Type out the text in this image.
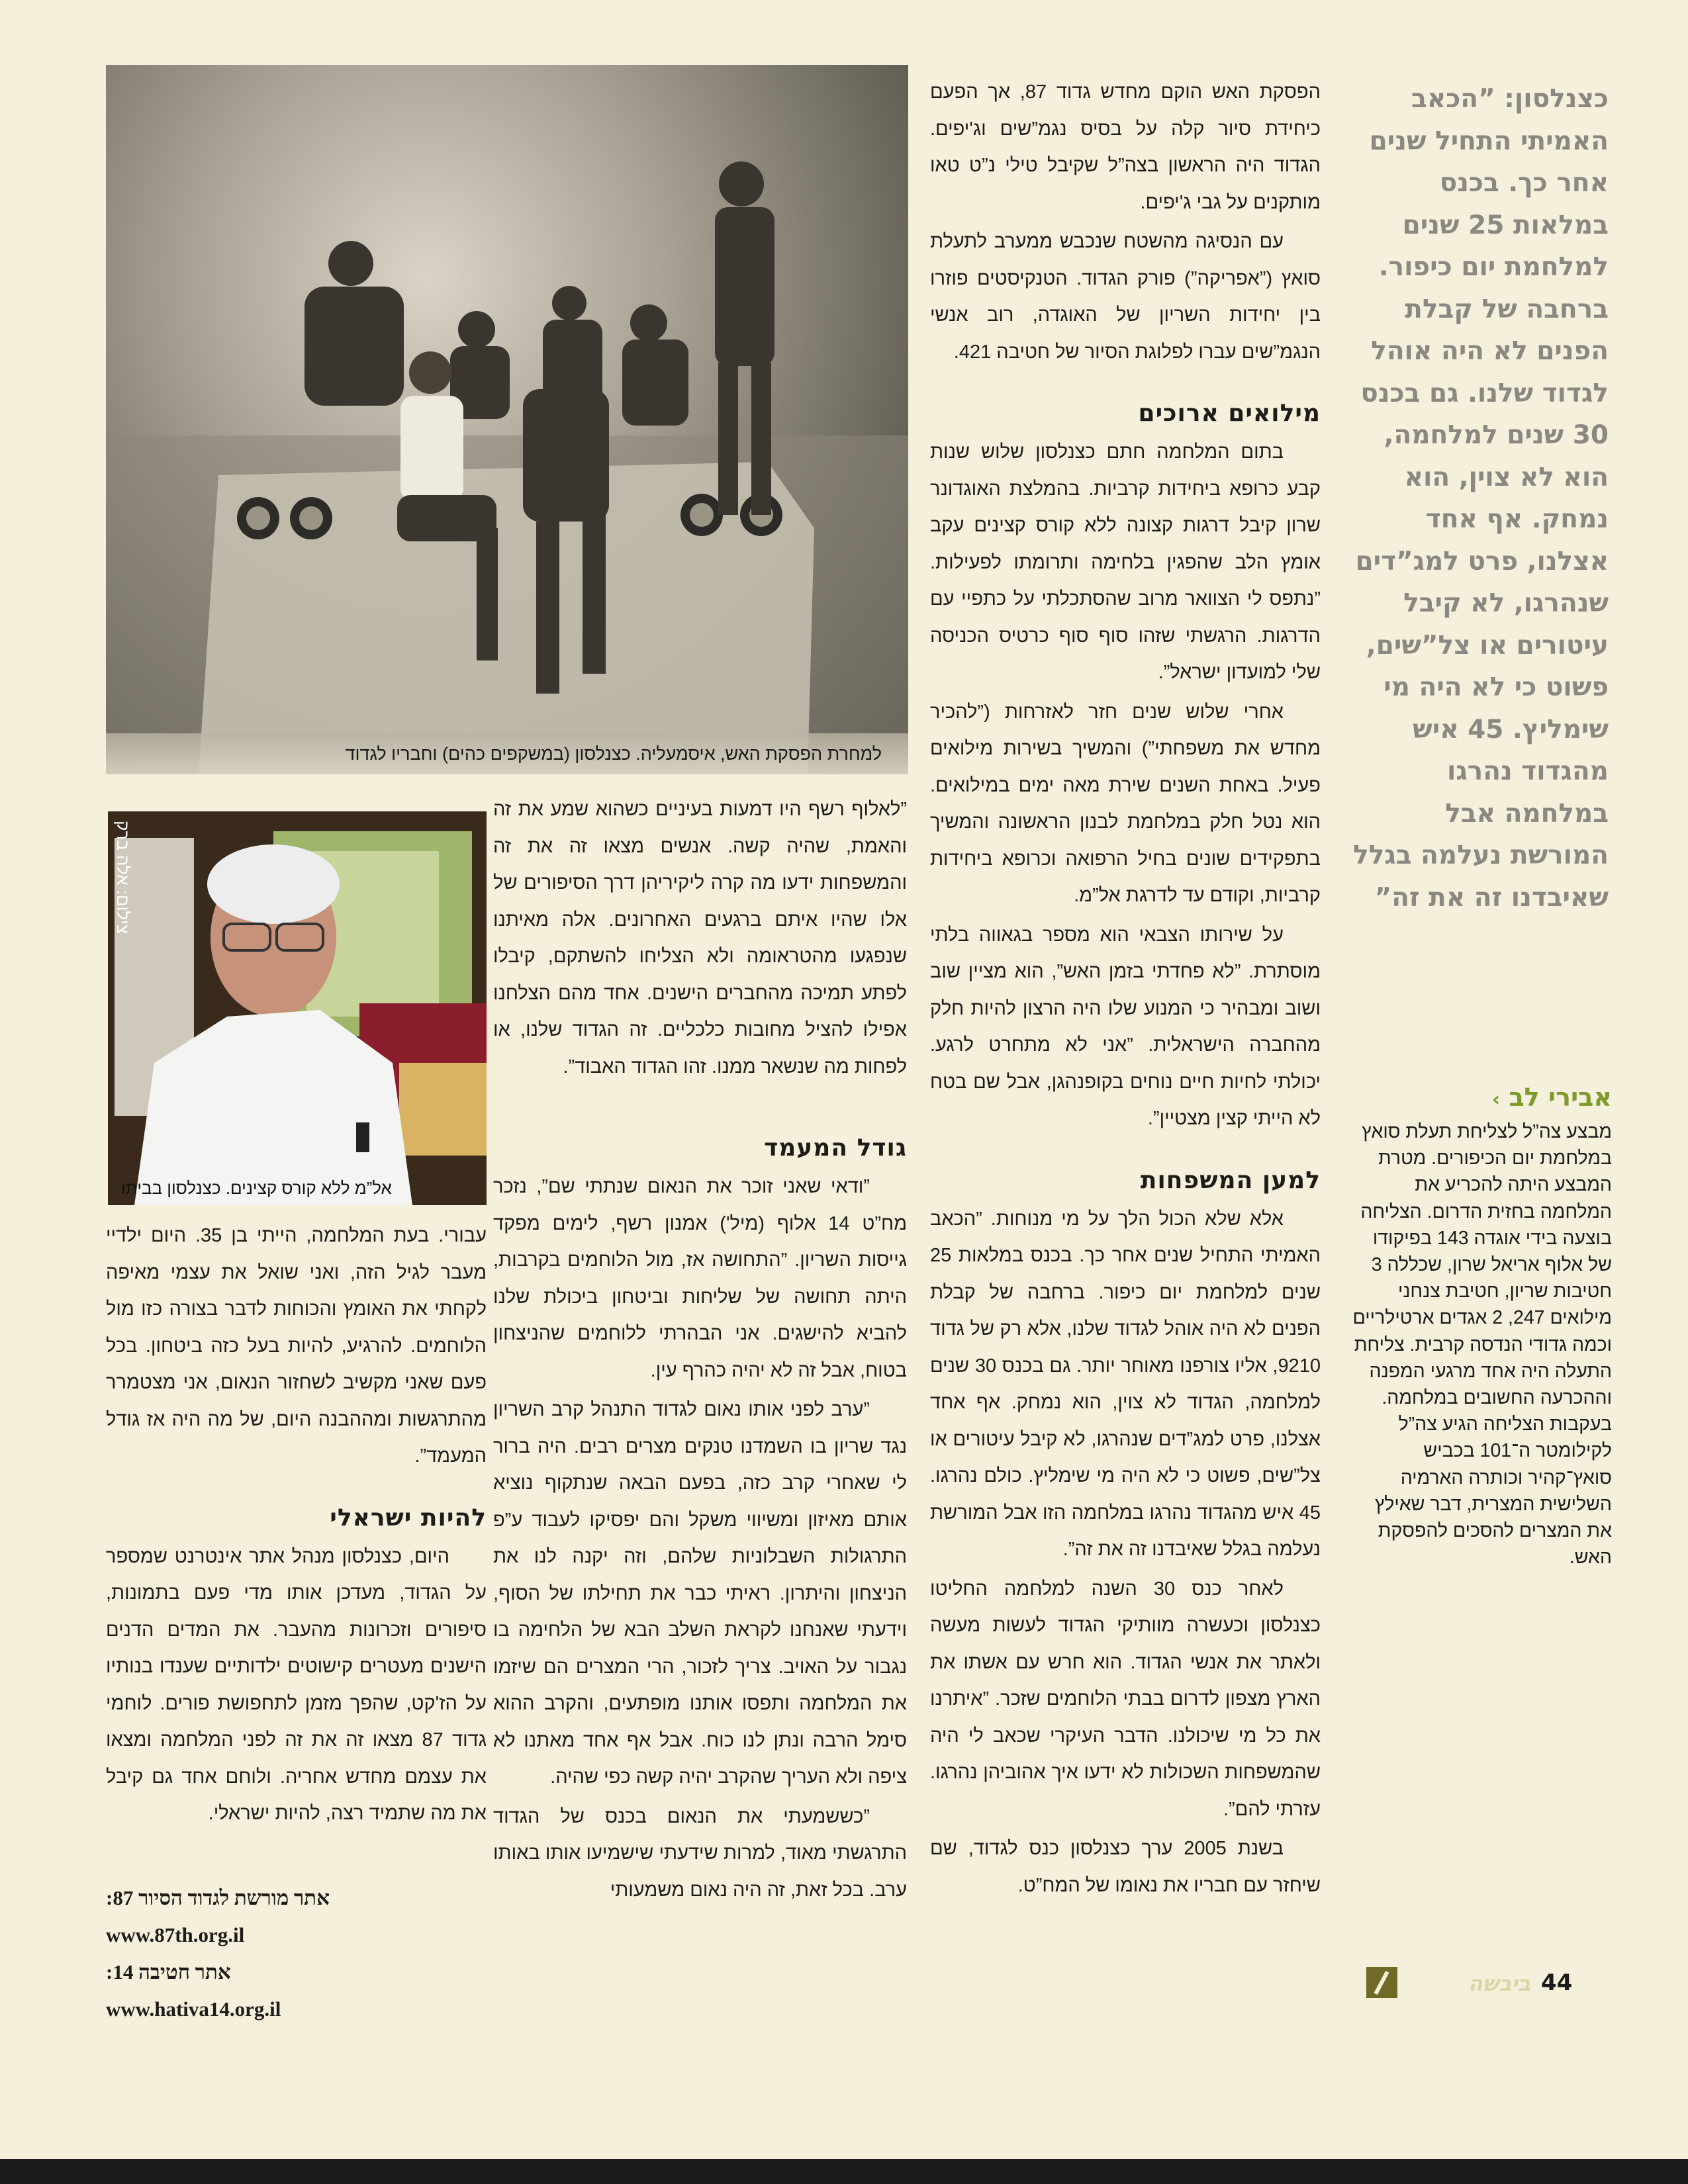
למחרת הפסקת האש, איסמעליה. כצנלסון (במשקפים כהים) וחבריו לגדוד
אל”מ ללא קורס קצינים. כצנלסון בביתו
צילום: אלה ברק
כצנלסון: ”הכאב האמיתי התחיל שנים אחר כך. בכנס במלאות 25 שנים למלחמת יום כיפור. ברחבה של קבלת הפנים לא היה אוהל לגדוד שלנו. גם בכנס 30 שנים למלחמה, הוא לא צוין, הוא נמחק. אף אחד אצלנו, פרט למג”דים שנהרגו, לא קיבל עיטורים או צל”שים, פשוט כי לא היה מי שימליץ. 45 איש מהגדוד נהרגו במלחמה אבל המורשת נעלמה בגלל שאיבדנו זה את זה”
אבירי לב ›

מבצע צה”ל לצליחת תעלת סואץ במלחמת יום הכיפורים. מטרת המבצע היתה להכריע את המלחמה בחזית הדרום. הצליחה בוצעה בידי אוגדה 143 בפיקודו של אלוף אריאל שרון, שכללה 3 חטיבות שריון, חטיבת צנחני מילואים 247, 2 אגדים ארטילריים וכמה גדודי הנדסה קרבית. צליחת התעלה היה אחד מרגעי המפנה וההכרעה החשובים במלחמה. בעקבות הצליחה הגיע צה”ל לקילומטר ה־101 בכביש סואץ־קהיר וכותרה הארמיה השלישית המצרית, דבר שאילץ את המצרים להסכים להפסקת האש.

הפסקת האש הוקם מחדש גדוד 87, אך הפעם כיחידת סיור קלה על בסיס נגמ”שים וג'יפים. הגדוד היה הראשון בצה”ל שקיבל טילי נ”ט טאו מותקנים על גבי ג'יפים.

עם הנסיגה מהשטח שנכבש ממערב לתעלת סואץ (”אפריקה”) פורק הגדוד. הטנקיסטים פוזרו בין יחידות השריון של האוגדה, רוב אנשי הנגמ”שים עברו לפלוגת הסיור של חטיבה 421.

מילואים ארוכים

בתום המלחמה חתם כצנלסון שלוש שנות קבע כרופא ביחידות קרביות. בהמלצת האוגדונר שרון קיבל דרגות קצונה ללא קורס קצינים עקב אומץ הלב שהפגין בלחימה ותרומתו לפעילות. ”נתפס לי הצוואר מרוב שהסתכלתי על כתפיי עם הדרגות. הרגשתי שזהו סוף סוף כרטיס הכניסה שלי למועדון ישראל”.

אחרי שלוש שנים חזר לאזרחות (”להכיר מחדש את משפחתי”) והמשיך בשירות מילואים פעיל. באחת השנים שירת מאה ימים במילואים. הוא נטל חלק במלחמת לבנון הראשונה והמשיך בתפקידים שונים בחיל הרפואה וכרופא ביחידות קרביות, וקודם עד לדרגת אל”מ.

על שירותו הצבאי הוא מספר בגאווה בלתי מוסתרת. ”לא פחדתי בזמן האש”, הוא מציין שוב ושוב ומבהיר כי המנוע שלו היה הרצון להיות חלק מהחברה הישראלית. ”אני לא מתחרט לרגע. יכולתי לחיות חיים נוחים בקופנהגן, אבל שם בטח לא הייתי קצין מצטיין”.

למען המשפחות

אלא שלא הכול הלך על מי מנוחות. ”הכאב האמיתי התחיל שנים אחר כך. בכנס במלאות 25 שנים למלחמת יום כיפור. ברחבה של קבלת הפנים לא היה אוהל לגדוד שלנו, אלא רק של גדוד 9210, אליו צורפנו מאוחר יותר. גם בכנס 30 שנים למלחמה, הגדוד לא צוין, הוא נמחק. אף אחד אצלנו, פרט למג”דים שנהרגו, לא קיבל עיטורים או צל”שים, פשוט כי לא היה מי שימליץ. כולם נהרגו. 45 איש מהגדוד נהרגו במלחמה הזו אבל המורשת נעלמה בגלל שאיבדנו זה את זה”.

לאחר כנס 30 השנה למלחמה החליטו כצנלסון וכעשרה מוותיקי הגדוד לעשות מעשה ולאתר את אנשי הגדוד. הוא חרש עם אשתו את הארץ מצפון לדרום בבתי הלוחמים שזכר. ”איתרנו את כל מי שיכולנו. הדבר העיקרי שכאב לי היה שהמשפחות השכולות לא ידעו איך אהוביהן נהרגו. עזרתי להם”.

בשנת 2005 ערך כצנלסון כנס לגדוד, שם שיחזר עם חבריו את נאומו של המח”ט.

”לאלוף רשף היו דמעות בעיניים כשהוא שמע את זה והאמת, שהיה קשה. אנשים מצאו זה את זה והמשפחות ידעו מה קרה ליקיריהן דרך הסיפורים של אלו שהיו איתם ברגעים האחרונים. אלה מאיתנו שנפגעו מהטראומה ולא הצליחו להשתקם, קיבלו לפתע תמיכה מהחברים הישנים. אחד מהם הצלחנו אפילו להציל מחובות כלכליים. זה הגדוד שלנו, או לפחות מה שנשאר ממנו. זהו הגדוד האבוד”.

גודל המעמד

”ודאי שאני זוכר את הנאום שנתתי שם”, נזכר מח”ט 14 אלוף (מיל') אמנון רשף, לימים מפקד גייסות השריון. ”התחושה אז, מול הלוחמים בקרבות, היתה תחושה של שליחות וביטחון ביכולת שלנו להביא להישגים. אני הבהרתי ללוחמים שהניצחון בטוח, אבל זה לא יהיה כהרף עין.

”ערב לפני אותו נאום לגדוד התנהל קרב השריון נגד שריון בו השמדנו טנקים מצרים רבים. היה ברור לי שאחרי קרב כזה, בפעם הבאה שנתקוף נוציא אותם מאיזון ומשיווי משקל והם יפסיקו לעבוד ע”פ התרגולות השבלוניות שלהם, וזה יקנה לנו את הניצחון והיתרון. ראיתי כבר את תחילתו של הסוף, וידעתי שאנחנו לקראת השלב הבא של הלחימה בו נגבור על האויב. צריך לזכור, הרי המצרים הם שיזמו את המלחמה ותפסו אותנו מופתעים, והקרב ההוא סימל הרבה ונתן לנו כוח. אבל אף אחד מאתנו לא ציפה ולא העריך שהקרב יהיה קשה כפי שהיה.

”כששמעתי את הנאום בכנס של הגדוד התרגשתי מאוד, למרות שידעתי שישמיעו אותו באותו ערב. בכל זאת, זה היה נאום משמעותי

עבורי. בעת המלחמה, הייתי בן 35. היום ילדיי מעבר לגיל הזה, ואני שואל את עצמי מאיפה לקחתי את האומץ והכוחות לדבר בצורה כזו מול הלוחמים. להרגיע, להיות בעל כזה ביטחון. בכל פעם שאני מקשיב לשחזור הנאום, אני מצטמרר מהתרגשות ומההבנה היום, של מה היה אז גודל המעמד”.

להיות ישראלי

היום, כצנלסון מנהל אתר אינטרנט שמספר על הגדוד, מעדכן אותו מדי פעם בתמונות, סיפורים וזכרונות מהעבר. את המדים הדנים הישנים מעטרים קישוטים ילדותיים שענדו בנותיו על הז'קט, שהפך מזמן לתחפושת פורים. לוחמי גדוד 87 מצאו זה את זה לפני המלחמה ומצאו את עצמם מחדש אחריה. ולוחם אחד גם קיבל את מה שתמיד רצה, להיות ישראלי.

אתר מורשת לגדוד הסיור 87:
www.87th.org.il
אתר חטיבה 14:
www.hativa14.org.il
ביבשה 44
